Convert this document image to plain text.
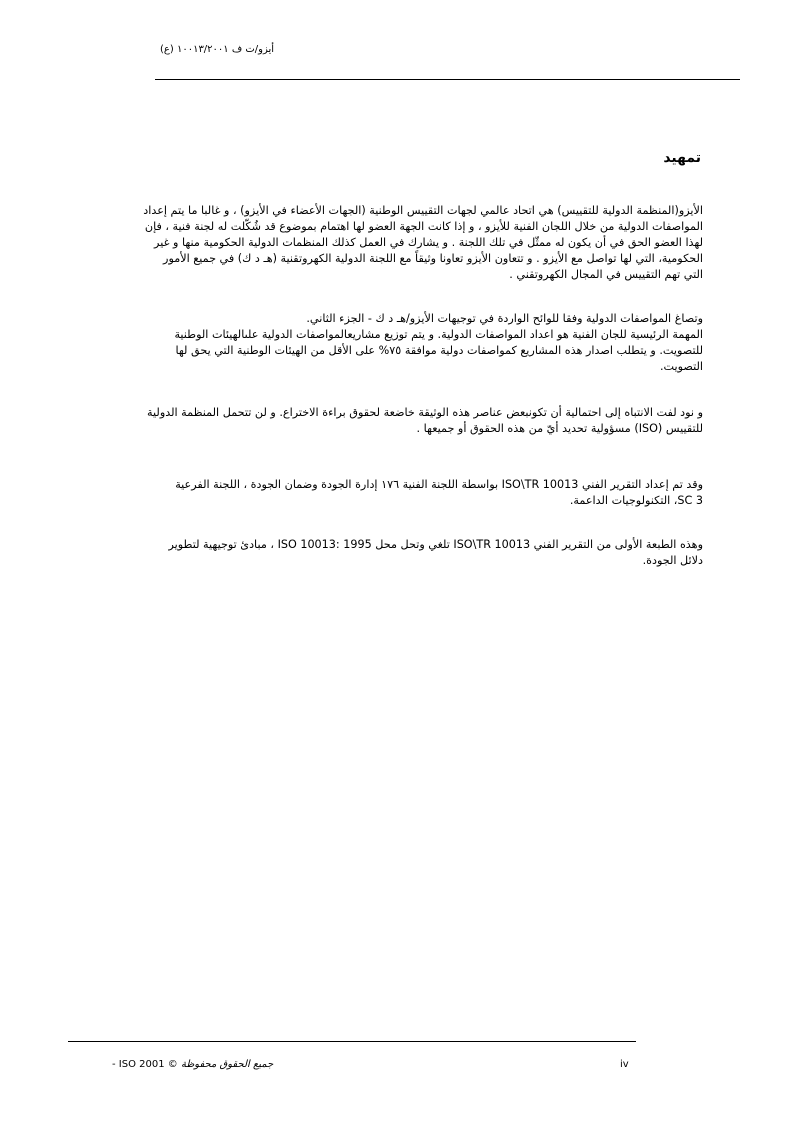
أيزو/ت ف ١٠٠١٣/٢٠٠١ (ع)
تمهيد
الأيزو(المنظمة الدولية للتقييس) هي اتحاد عالمي لجهات التقييس الوطنية (الجهات الأعضاء في الأيزو) ، و غالبا ما يتم إعداد
المواصفات الدولية من خلال اللجان الفنية للأيزو ، و إذا كانت الجهة العضو لها اهتمام بموضوع قد شُكّلت له لجنة فنية ، فإن
لهذا العضو الحق في أن يكون له ممثّل في تلك اللجنة . و يشارك في العمل كذلك المنظمات الدولية الحكومية منها و غير
الحكومية، التي لها تواصل مع الأيزو . و تتعاون الأيزو تعاونا وثيقاً مع اللجنة الدولية الكهروتقنية (هـ د ك) في جميع الأمور
التي تهم التقييس في المجال الكهروتقني .
وتصاغ المواصفات الدولية وفقا للوائح الواردة في توجيهات الأيزو/هـ د ك - الجزء الثاني.
المهمة الرئيسية للجان الفنية هو اعداد المواصفات الدولية. و يتم توزيع مشاريعالمواصفات الدولية علىالهيئات الوطنية
للتصويت. و يتطلب اصدار هذه المشاريع كمواصفات دولية موافقة ٧٥% على الأقل من الهيئات الوطنية التي يحق لها
التصويت.
و نود لفت الانتباه إلى احتمالية أن تكونبعض عناصر هذه الوثيقة خاضعة لحقوق براءة الاختراع. و لن تتحمل المنظمة الدولية
للتقييس (ISO) مسؤولية تحديد أيّ من هذه الحقوق أو جميعها .
وقد تم إعداد التقرير الفني ISO\TR 10013 بواسطة اللجنة الفنية ١٧٦ إدارة الجودة وضمان الجودة ، اللجنة الفرعية
SC 3، التكنولوجيات الداعمة.
وهذه الطبعة الأولى من التقرير الفني ISO\TR 10013 تلغي وتحل محل ISO 10013: 1995 ، مبادئ توجيهية لتطوير
دلائل الجودة.
جميع الحقوق محفوظة © ISO 2001 -	iv
